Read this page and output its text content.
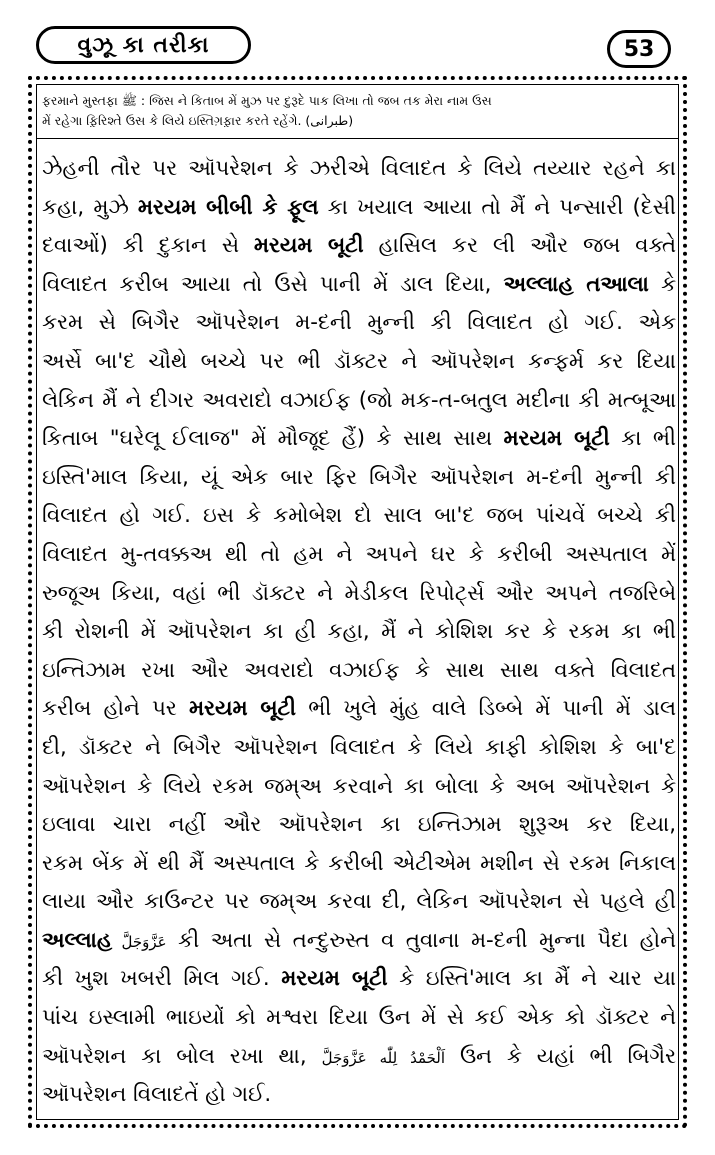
વુઝૂ કા તરીકા	53
ફરમાને મુસ્તફા ﷺ : જિસ ને કિતાબ મેં મુઝ પર દુરૂદે પાક લિખા તો જબ તક મેરા નામ ઉસ
મેં રહેગા ફ઼િરિશ્તે ઉસ કે લિયે ઇસ્તિગ઼ફ઼ાર કરતે રહેંગે. (طبرانی)
ઝેહની તૌર પર ઑપરેશન કે ઝરીએ વિલાદત કે લિયે તય્યાર રહને કા
કહા, મુઝે મરયમ બીબી કે ફૂલ કા ખયાલ આયા તો મૈં ને પન્સારી (દેસી
દવાઓં) કી દુકાન સે મરયમ બૂટી હાસિલ કર લી ઔર જબ વક્તે
વિલાદત કરીબ આયા તો ઉસે પાની મેં ડાલ દિયા, અલ્લાહ તઆલા કે
કરમ સે બિગૈર ઑપરેશન મ-દની મુન્ની કી વિલાદત હો ગઈ. એક
અર્સે બા'દ ચૌથે બચ્ચે પર ભી ડૉક્ટર ને ઑપરેશન કન્ફર્મ કર દિયા
લેકિન મૈં ને દીગર અવરાદો વઝાઈફ (જો મક-ત-બતુલ મદીના કી મત્બૂઆ
કિતાબ "ઘરેલૂ ઈલાજ" મેં મૌજૂદ હૈં) કે સાથ સાથ મરયમ બૂટી કા ભી
ઇસ્તિ'માલ કિયા, યૂં એક બાર ફિર બિગૈર ઑપરેશન મ-દની મુન્ની કી
વિલાદત હો ગઈ. ઇસ કે કમોબેશ દો સાલ બા'દ જબ પાંચવેં બચ્ચે કી
વિલાદત મુ-તવક્કઅ થી તો હમ ને અપને ઘર કે કરીબી અસ્પતાલ મેં
રુજૂઅ કિયા, વહાં ભી ડૉક્ટર ને મેડીકલ રિપોર્ટ્સ ઔર અપને તજરિબે
કી રોશની મેં ઑપરેશન કા હી કહા, મૈં ને કોશિશ કર કે રકમ કા ભી
ઇન્તિઝામ રખા ઔર અવરાદો વઝાઈફ કે સાથ સાથ વક્તે વિલાદત
કરીબ હોને પર મરયમ બૂટી ભી ખુલે મુંહ વાલે ડિબ્બે મેં પાની મેં ડાલ
દી, ડૉક્ટર ને બિગૈર ઑપરેશન વિલાદત કે લિયે કાફી કોશિશ કે બા'દ
ઑપરેશન કે લિયે રકમ જમ્અ કરવાને કા બોલા કે અબ ઑપરેશન કે
ઇલાવા ચારા નહીં ઔર ઑપરેશન કા ઇન્તિઝામ શુરૂઅ કર દિયા,
રકમ બેંક મેં થી મૈં અસ્પતાલ કે કરીબી એટીએમ મશીન સે રકમ નિકાલ
લાયા ઔર કાઉન્ટર પર જમ્અ કરવા દી, લેકિન ઑપરેશન સે પહલે હી
અલ્લાહ عَزَّوَجَلَّ કી અતા સે તન્દુરુસ્ત વ તુવાના મ-દની મુન્ના પૈદા હોને
કી ખુશ ખબરી મિલ ગઈ. મરયમ બૂટી કે ઇસ્તિ'માલ કા મૈં ને ચાર યા
પાંચ ઇસ્લામી ભાઇયોં કો મશ્વરા દિયા ઉન મેં સે કઈ એક કો ડૉક્ટર ને
ઑપરેશન કા બોલ રખા થા, اَلْحَمْدُ لِلّٰه عَزَّوَجَلَّ ઉન કે યહાં ભી બિગૈર
ઑપરેશન વિલાદતેં હો ગઈ.
